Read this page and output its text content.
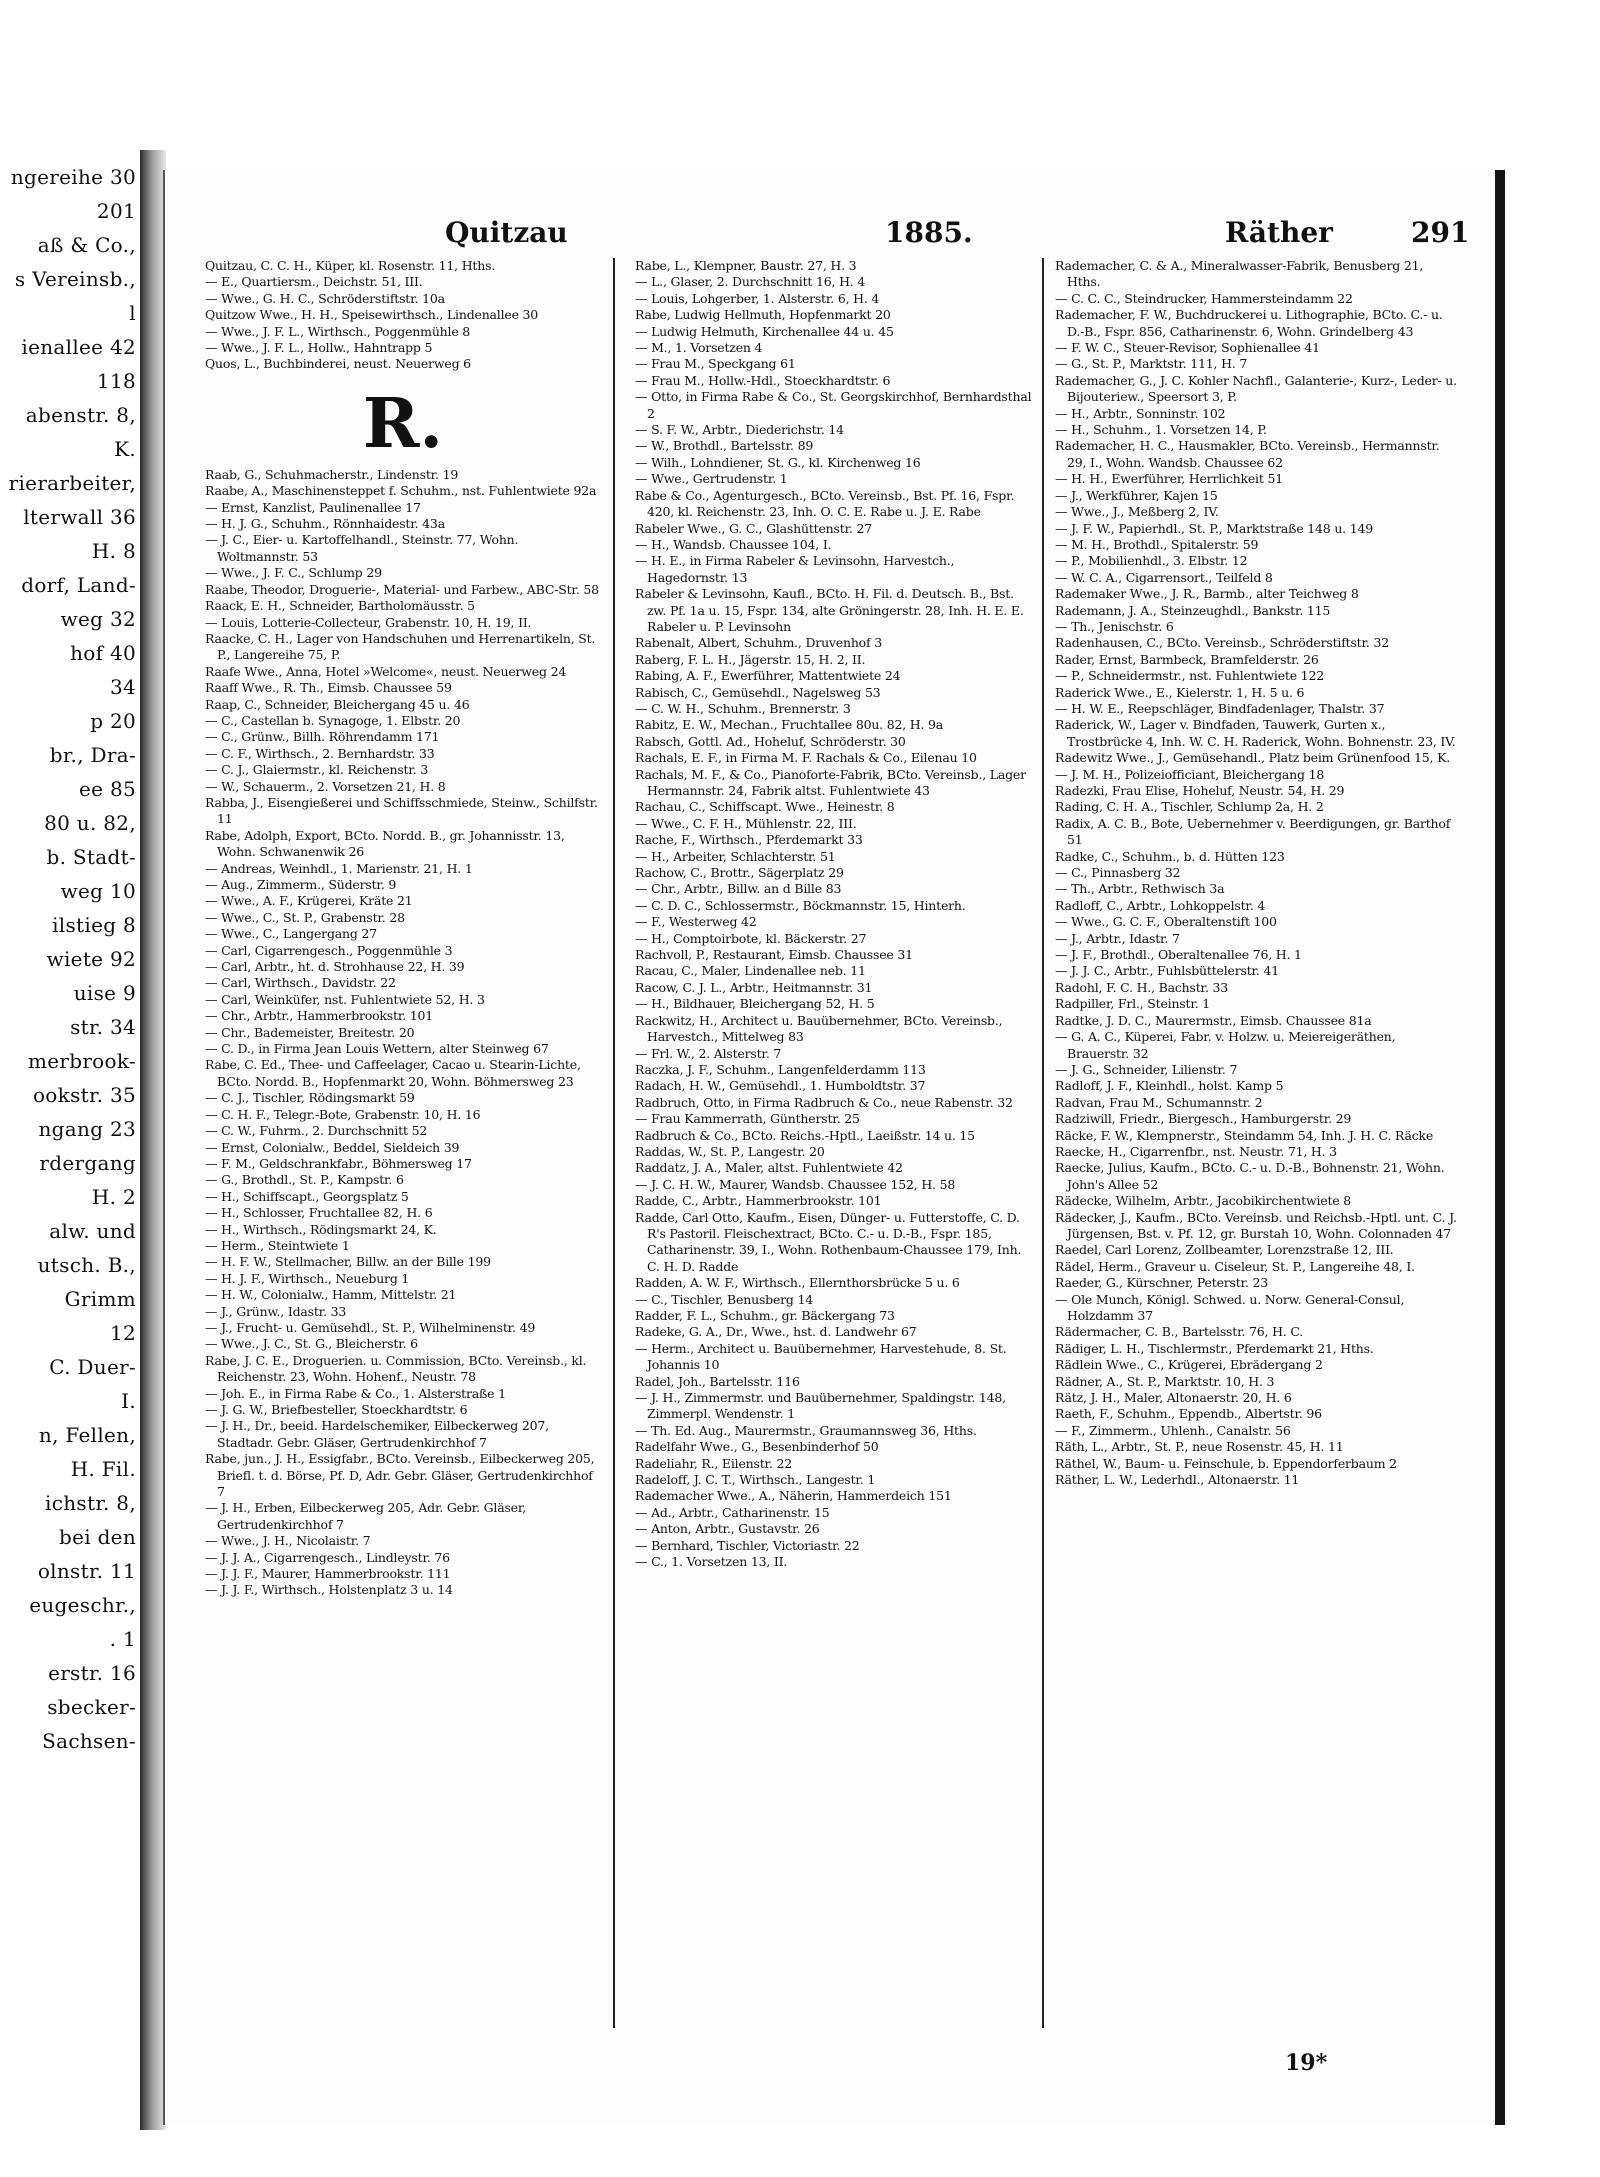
ngereihe 30
201
aß & Co.,
s Vereinsb.,
l
ienallee 42
118
abenstr. 8,
K.
rierarbeiter,
lterwall 36
H. 8
dorf, Land-
weg 32
hof 40
34
p 20
br., Dra-
ee 85
80 u. 82,
b. Stadt-
weg 10
ilstieg 8
wiete 92
uise 9
str. 34
merbrook-
ookstr. 35
ngang 23
rdergang
H. 2
alw. und
utsch. B.,
Grimm
12
C. Duer-
I.
n, Fellen,
H. Fil.
ichstr. 8,
bei den
olnstr. 11
eugeschr.,
. 1
erstr. 16
sbecker-
Sachsen-
Quitzau	1885.	Räther	291
Quitzau, C. C. H., Küper, kl. Rosenstr. 11, Hths.
— E., Quartiersm., Deichstr. 51, III.
— Wwe., G. H. C., Schröderstiftstr. 10a
Quitzow Wwe., H. H., Speisewirthsch., Lindenallee 30
— Wwe., J. F. L., Wirthsch., Poggenmühle 8
— Wwe., J. F. L., Hollw., Hahntrapp 5
Quos, L., Buchbinderei, neust. Neuerweg 6
R.
Raab, G., Schuhmacherstr., Lindenstr. 19
Raabe, A., Maschinensteppet f. Schuhm., nst. Fuhlentwiete 92a
— Ernst, Kanzlist, Paulinenallee 17
— H. J. G., Schuhm., Rönnhaidestr. 43a
— J. C., Eier- u. Kartoffelhandl., Steinstr. 77, Wohn. Woltmannstr. 53
— Wwe., J. F. C., Schlump 29
Raabe, Theodor, Droguerie-, Material- und Farbew., ABC-Str. 58
Raack, E. H., Schneider, Bartholomäusstr. 5
— Louis, Lotterie-Collecteur, Grabenstr. 10, H. 19, II.
Raacke, C. H., Lager von Handschuhen und Herrenartikeln, St. P., Langereihe 75, P.
Raafe Wwe., Anna, Hotel »Welcome«, neust. Neuerweg 24
Raaff Wwe., R. Th., Eimsb. Chaussee 59
Raap, C., Schneider, Bleichergang 45 u. 46
— C., Castellan b. Synagoge, 1. Elbstr. 20
— C., Grünw., Billh. Röhrendamm 171
— C. F., Wirthsch., 2. Bernhardstr. 33
— C. J., Glaiermstr., kl. Reichenstr. 3
— W., Schauerm., 2. Vorsetzen 21, H. 8
Rabba, J., Eisengießerei und Schiffsschmiede, Steinw., Schilfstr. 11
Rabe, Adolph, Export, BCto. Nordd. B., gr. Johannisstr. 13, Wohn. Schwanenwik 26
— Andreas, Weinhdl., 1. Marienstr. 21, H. 1
— Aug., Zimmerm., Süderstr. 9
— Wwe., A. F., Krügerei, Kräte 21
— Wwe., C., St. P., Grabenstr. 28
— Wwe., C., Langergang 27
— Carl, Cigarrengesch., Poggenmühle 3
— Carl, Arbtr., ht. d. Strohhause 22, H. 39
— Carl, Wirthsch., Davidstr. 22
— Carl, Weinküfer, nst. Fuhlentwiete 52, H. 3
— Chr., Arbtr., Hammerbrookstr. 101
— Chr., Bademeister, Breitestr. 20
— C. D., in Firma Jean Louis Wettern, alter Steinweg 67
Rabe, C. Ed., Thee- und Caffeelager, Cacao u. Stearin-Lichte, BCto. Nordd. B., Hopfenmarkt 20, Wohn. Böhmersweg 23
— C. J., Tischler, Rödingsmarkt 59
— C. H. F., Telegr.-Bote, Grabenstr. 10, H. 16
— C. W., Fuhrm., 2. Durchschnitt 52
— Ernst, Colonialw., Beddel, Sieldeich 39
— F. M., Geldschrankfabr., Böhmersweg 17
— G., Brothdl., St. P., Kampstr. 6
— H., Schiffscapt., Georgsplatz 5
— H., Schlosser, Fruchtallee 82, H. 6
— H., Wirthsch., Rödingsmarkt 24, K.
— Herm., Steintwiete 1
— H. F. W., Stellmacher, Billw. an der Bille 199
— H. J. F., Wirthsch., Neueburg 1
— H. W., Colonialw., Hamm, Mittelstr. 21
— J., Grünw., Idastr. 33
— J., Frucht- u. Gemüsehdl., St. P., Wilhelminenstr. 49
— Wwe., J. C., St. G., Bleicherstr. 6
Rabe, J. C. E., Droguerien. u. Commission, BCto. Vereinsb., kl. Reichenstr. 23, Wohn. Hohenf., Neustr. 78
— Joh. E., in Firma Rabe & Co., 1. Alsterstraße 1
— J. G. W., Briefbesteller, Stoeckhardtstr. 6
— J. H., Dr., beeid. Hardelschemiker, Eilbeckerweg 207, Stadtadr. Gebr. Gläser, Gertrudenkirchhof 7
Rabe, jun., J. H., Essigfabr., BCto. Vereinsb., Eilbeckerweg 205, Briefl. t. d. Börse, Pf. D, Adr. Gebr. Gläser, Gertrudenkirchhof 7
— J. H., Erben, Eilbeckerweg 205, Adr. Gebr. Gläser, Gertrudenkirchhof 7
— Wwe., J. H., Nicolaistr. 7
— J. J. A., Cigarrengesch., Lindleystr. 76
— J. J. F., Maurer, Hammerbrookstr. 111
— J. J. F., Wirthsch., Holstenplatz 3 u. 14
Rabe, L., Klempner, Baustr. 27, H. 3
— L., Glaser, 2. Durchschnitt 16, H. 4
— Louis, Lohgerber, 1. Alsterstr. 6, H. 4
Rabe, Ludwig Hellmuth, Hopfenmarkt 20
— Ludwig Helmuth, Kirchenallee 44 u. 45
— M., 1. Vorsetzen 4
— Frau M., Speckgang 61
— Frau M., Hollw.-Hdl., Stoeckhardtstr. 6
— Otto, in Firma Rabe & Co., St. Georgskirchhof, Bernhardsthal 2
— S. F. W., Arbtr., Diederichstr. 14
— W., Brothdl., Bartelsstr. 89
— Wilh., Lohndiener, St. G., kl. Kirchenweg 16
— Wwe., Gertrudenstr. 1
Rabe & Co., Agenturgesch., BCto. Vereinsb., Bst. Pf. 16, Fspr. 420, kl. Reichenstr. 23, Inh. O. C. E. Rabe u. J. E. Rabe
Rabeler Wwe., G. C., Glashüttenstr. 27
— H., Wandsb. Chaussee 104, I.
— H. E., in Firma Rabeler & Levinsohn, Harvestch., Hagedornstr. 13
Rabeler & Levinsohn, Kaufl., BCto. H. Fil. d. Deutsch. B., Bst. zw. Pf. 1a u. 15, Fspr. 134, alte Gröningerstr. 28, Inh. H. E. E. Rabeler u. P. Levinsohn
Rabenalt, Albert, Schuhm., Druvenhof 3
Raberg, F. L. H., Jägerstr. 15, H. 2, II.
Rabing, A. F., Ewerführer, Mattentwiete 24
Rabisch, C., Gemüsehdl., Nagelsweg 53
— C. W. H., Schuhm., Brennerstr. 3
Rabitz, E. W., Mechan., Fruchtallee 80u. 82, H. 9a
Rabsch, Gottl. Ad., Hoheluf, Schröderstr. 30
Rachals, E. F., in Firma M. F. Rachals & Co., Eilenau 10
Rachals, M. F., & Co., Pianoforte-Fabrik, BCto. Vereinsb., Lager Hermannstr. 24, Fabrik altst. Fuhlentwiete 43
Rachau, C., Schiffscapt. Wwe., Heinestr. 8
— Wwe., C. F. H., Mühlenstr. 22, III.
Rache, F., Wirthsch., Pferdemarkt 33
— H., Arbeiter, Schlachterstr. 51
Rachow, C., Brottr., Sägerplatz 29
— Chr., Arbtr., Billw. an d Bille 83
— C. D. C., Schlossermstr., Böckmannstr. 15, Hinterh.
— F., Westerweg 42
— H., Comptoirbote, kl. Bäckerstr. 27
Rachvoll, P., Restaurant, Eimsb. Chaussee 31
Racau, C., Maler, Lindenallee neb. 11
Racow, C. J. L., Arbtr., Heitmannstr. 31
— H., Bildhauer, Bleichergang 52, H. 5
Rackwitz, H., Architect u. Bauübernehmer, BCto. Vereinsb., Harvestch., Mittelweg 83
— Frl. W., 2. Alsterstr. 7
Raczka, J. F., Schuhm., Langenfelderdamm 113
Radach, H. W., Gemüsehdl., 1. Humboldtstr. 37
Radbruch, Otto, in Firma Radbruch & Co., neue Rabenstr. 32
— Frau Kammerrath, Güntherstr. 25
Radbruch & Co., BCto. Reichs.-Hptl., Laeißstr. 14 u. 15
Raddas, W., St. P., Langestr. 20
Raddatz, J. A., Maler, altst. Fuhlentwiete 42
— J. C. H. W., Maurer, Wandsb. Chaussee 152, H. 58
Radde, C., Arbtr., Hammerbrookstr. 101
Radde, Carl Otto, Kaufm., Eisen, Dünger- u. Futterstoffe, C. D. R's Pastoril. Fleischextract, BCto. C.- u. D.-B., Fspr. 185, Catharinenstr. 39, I., Wohn. Rothenbaum-Chaussee 179, Inh. C. H. D. Radde
Radden, A. W. F., Wirthsch., Ellernthorsbrücke 5 u. 6
— C., Tischler, Benusberg 14
Radder, F. L., Schuhm., gr. Bäckergang 73
Radeke, G. A., Dr., Wwe., hst. d. Landwehr 67
— Herm., Architect u. Bauübernehmer, Harvestehude, 8. St. Johannis 10
Radel, Joh., Bartelsstr. 116
— J. H., Zimmermstr. und Bauübernehmer, Spaldingstr. 148, Zimmerpl. Wendenstr. 1
— Th. Ed. Aug., Maurermstr., Graumannsweg 36, Hths.
Radelfahr Wwe., G., Besenbinderhof 50
Radeliahr, R., Eilenstr. 22
Radeloff, J. C. T., Wirthsch., Langestr. 1
Rademacher Wwe., A., Näherin, Hammerdeich 151
— Ad., Arbtr., Catharinenstr. 15
— Anton, Arbtr., Gustavstr. 26
— Bernhard, Tischler, Victoriastr. 22
— C., 1. Vorsetzen 13, II.
Rademacher, C. & A., Mineralwasser-Fabrik, Benusberg 21, Hths.
— C. C. C., Steindrucker, Hammersteindamm 22
Rademacher, F. W., Buchdruckerei u. Lithographie, BCto. C.- u. D.-B., Fspr. 856, Catharinenstr. 6, Wohn. Grindelberg 43
— F. W. C., Steuer-Revisor, Sophienallee 41
— G., St. P., Marktstr. 111, H. 7
Rademacher, G., J. C. Kohler Nachfl., Galanterie-, Kurz-, Leder- u. Bijouteriew., Speersort 3, P.
— H., Arbtr., Sonninstr. 102
— H., Schuhm., 1. Vorsetzen 14, P.
Rademacher, H. C., Hausmakler, BCto. Vereinsb., Hermannstr. 29, I., Wohn. Wandsb. Chaussee 62
— H. H., Ewerführer, Herrlichkeit 51
— J., Werkführer, Kajen 15
— Wwe., J., Meßberg 2, IV.
— J. F. W., Papierhdl., St. P., Marktstraße 148 u. 149
— M. H., Brothdl., Spitalerstr. 59
— P., Mobilienhdl., 3. Elbstr. 12
— W. C. A., Cigarrensort., Teilfeld 8
Rademaker Wwe., J. R., Barmb., alter Teichweg 8
Rademann, J. A., Steinzeughdl., Bankstr. 115
— Th., Jenischstr. 6
Radenhausen, C., BCto. Vereinsb., Schröderstiftstr. 32
Rader, Ernst, Barmbeck, Bramfelderstr. 26
— P., Schneidermstr., nst. Fuhlentwiete 122
Raderick Wwe., E., Kielerstr. 1, H. 5 u. 6
— H. W. E., Reepschläger, Bindfadenlager, Thalstr. 37
Raderick, W., Lager v. Bindfaden, Tauwerk, Gurten x., Trostbrücke 4, Inh. W. C. H. Raderick, Wohn. Bohnenstr. 23, IV.
Radewitz Wwe., J., Gemüsehandl., Platz beim Grünenfood 15, K.
— J. M. H., Polizeiofficiant, Bleichergang 18
Radezki, Frau Elise, Hoheluf, Neustr. 54, H. 29
Rading, C. H. A., Tischler, Schlump 2a, H. 2
Radix, A. C. B., Bote, Uebernehmer v. Beerdigungen, gr. Barthof 51
Radke, C., Schuhm., b. d. Hütten 123
— C., Pinnasberg 32
— Th., Arbtr., Rethwisch 3a
Radloff, C., Arbtr., Lohkoppelstr. 4
— Wwe., G. C. F., Oberaltenstift 100
— J., Arbtr., Idastr. 7
— J. F., Brothdl., Oberaltenallee 76, H. 1
— J. J. C., Arbtr., Fuhlsbüttelerstr. 41
Radohl, F. C. H., Bachstr. 33
Radpiller, Frl., Steinstr. 1
Radtke, J. D. C., Maurermstr., Eimsb. Chaussee 81a
— G. A. C., Küperei, Fabr. v. Holzw. u. Meiereigeräthen, Brauerstr. 32
— J. G., Schneider, Lilienstr. 7
Radloff, J. F., Kleinhdl., holst. Kamp 5
Radvan, Frau M., Schumannstr. 2
Radziwill, Friedr., Biergesch., Hamburgerstr. 29
Räcke, F. W., Klempnerstr., Steindamm 54, Inh. J. H. C. Räcke
Raecke, H., Cigarrenfbr., nst. Neustr. 71, H. 3
Raecke, Julius, Kaufm., BCto. C.- u. D.-B., Bohnenstr. 21, Wohn. John's Allee 52
Rädecke, Wilhelm, Arbtr., Jacobikirchentwiete 8
Rädecker, J., Kaufm., BCto. Vereinsb. und Reichsb.-Hptl. unt. C. J. Jürgensen, Bst. v. Pf. 12, gr. Burstah 10, Wohn. Colonnaden 47
Raedel, Carl Lorenz, Zollbeamter, Lorenzstraße 12, III.
Rädel, Herm., Graveur u. Ciseleur, St. P., Langereihe 48, I.
Raeder, G., Kürschner, Peterstr. 23
— Ole Munch, Königl. Schwed. u. Norw. General-Consul, Holzdamm 37
Rädermacher, C. B., Bartelsstr. 76, H. C.
Rädiger, L. H., Tischlermstr., Pferdemarkt 21, Hths.
Rädlein Wwe., C., Krügerei, Ebrädergang 2
Rädner, A., St. P., Marktstr. 10, H. 3
Rätz, J. H., Maler, Altonaerstr. 20, H. 6
Raeth, F., Schuhm., Eppendb., Albertstr. 96
— F., Zimmerm., Uhlenh., Canalstr. 56
Räth, L., Arbtr., St. P., neue Rosenstr. 45, H. 11
Räthel, W., Baum- u. Feinschule, b. Eppendorferbaum 2
Räther, L. W., Lederhdl., Altonaerstr. 11
19*
